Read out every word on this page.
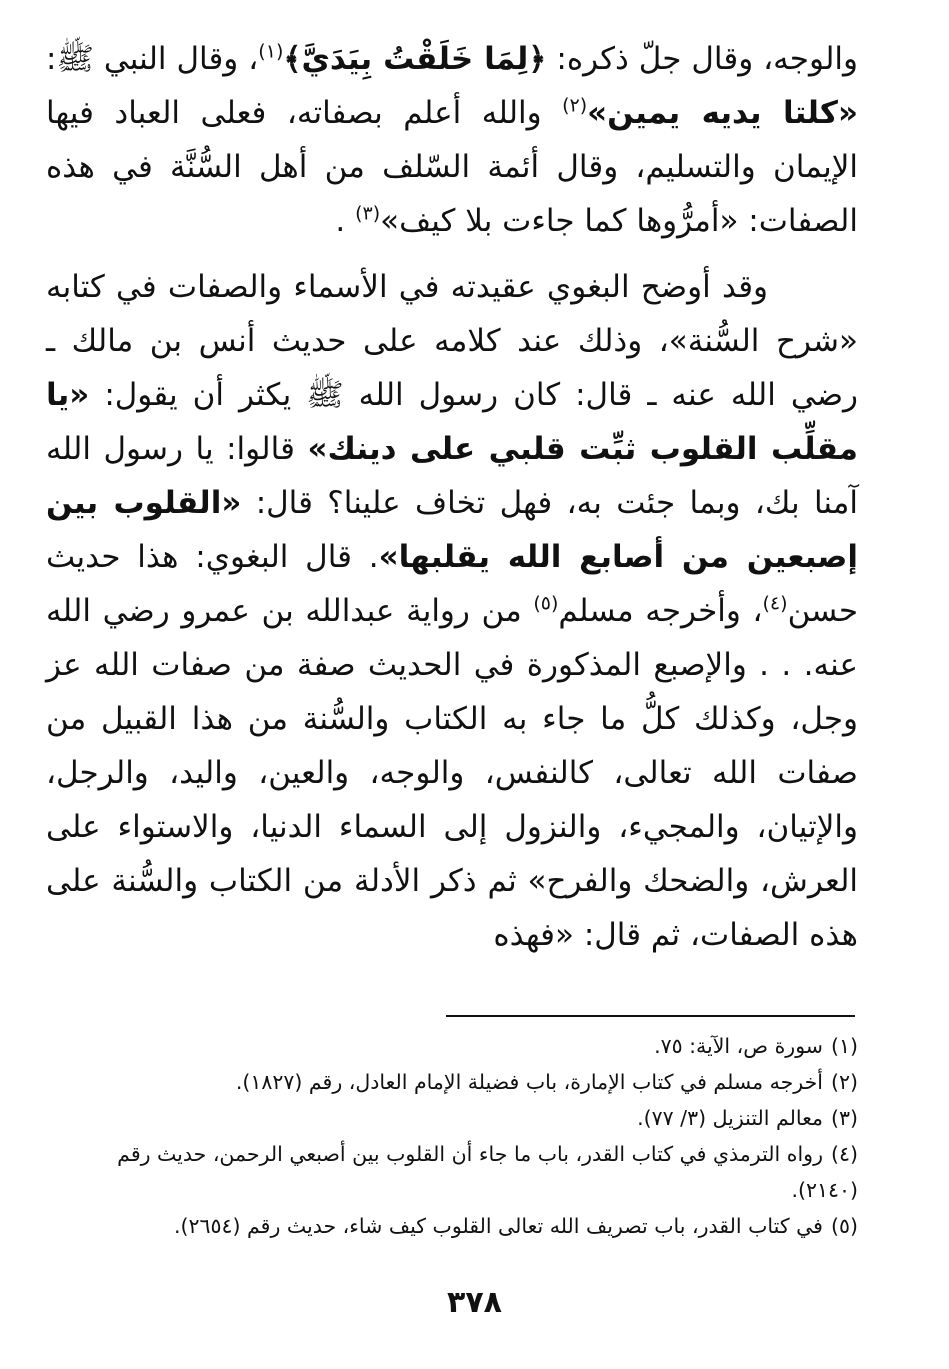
والوجه، وقال جلّ ذكره: ﴿لِمَا خَلَقْتُ بِيَدَيَّ﴾$^{(١)}$، وقال النبي ﷺ: «كلتا يديه يمين»$^{(٢)}$ والله أعلم بصفاته، فعلى العباد فيها الإيمان والتسليم، وقال أئمة السّلف من أهل السُّنَّة في هذه الصفات: «أمرُّوها كما جاءت بلا كيف»$^{(٣)}$ .

وقد أوضح البغوي عقيدته في الأسماء والصفات في كتابه «شرح السُّنة»، وذلك عند كلامه على حديث أنس بن مالك ـ رضي الله عنه ـ قال: كان رسول الله ﷺ يكثر أن يقول: «يا مقلِّب القلوب ثبِّت قلبي على دينك» قالوا: يا رسول الله آمنا بك، وبما جئت به، فهل تخاف علينا؟ قال: «القلوب بين إصبعين من أصابع الله يقلبها». قال البغوي: هذا حديث حسن$^{(٤)}$، وأخرجه مسلم$^{(٥)}$ من رواية عبدالله بن عمرو رضي الله عنه. . . والإصبع المذكورة في الحديث صفة من صفات الله عز وجل، وكذلك كلُّ ما جاء به الكتاب والسُّنة من هذا القبيل من صفات الله تعالى، كالنفس، والوجه، والعين، واليد، والرجل، والإتيان، والمجيء، والنزول إلى السماء الدنيا، والاستواء على العرش، والضحك والفرح» ثم ذكر الأدلة من الكتاب والسُّنة على هذه الصفات، ثم قال: «فهذه

(١)سورة ص، الآية: ٧٥.

(٢)أخرجه مسلم في كتاب الإمارة، باب فضيلة الإمام العادل، رقم (١٨٢٧).

(٣)معالم التنزيل (٣/ ٧٧).

(٤)رواه الترمذي في كتاب القدر، باب ما جاء أن القلوب بين أصبعي الرحمن، حديث رقم (٢١٤٠).

(٥)في كتاب القدر، باب تصريف الله تعالى القلوب كيف شاء، حديث رقم (٢٦٥٤).

٣٧٨
